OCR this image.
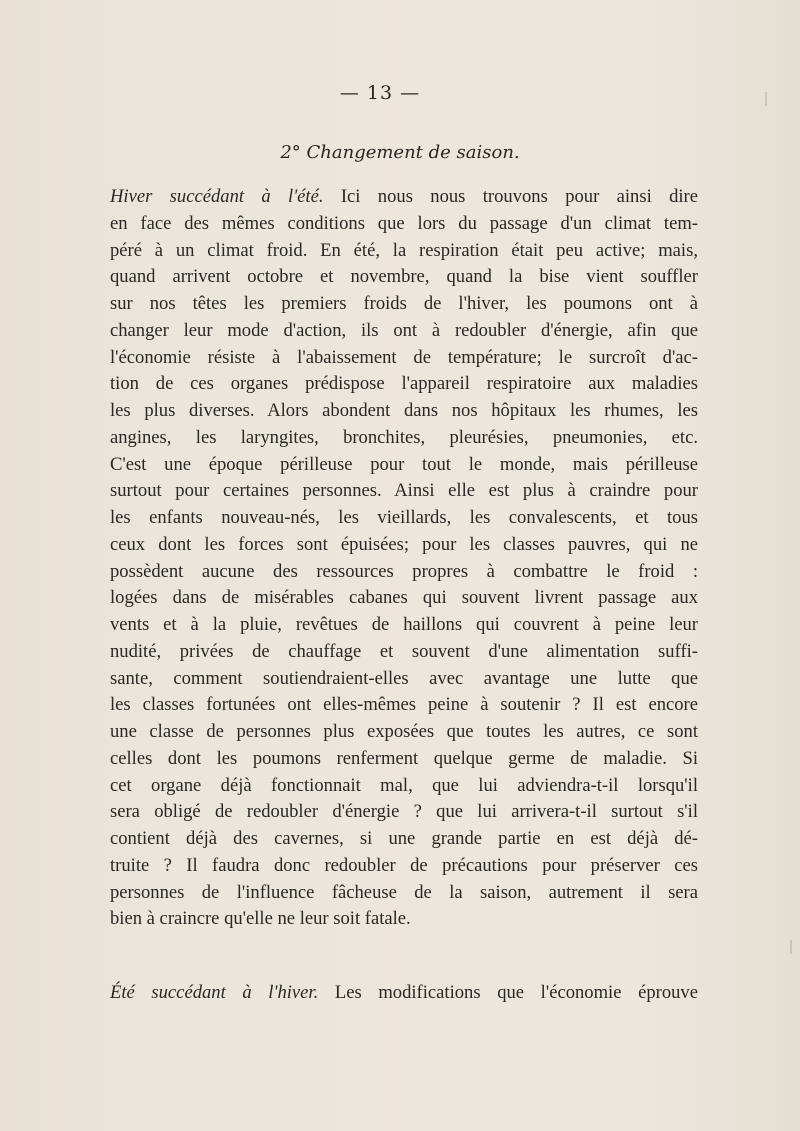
— 13 —
2° Changement de saison.
Hiver succédant à l'été. Ici nous nous trouvons pour ainsi dire
en face des mêmes conditions que lors du passage d'un climat tem-
péré à un climat froid. En été, la respiration était peu active; mais,
quand arrivent octobre et novembre, quand la bise vient souffler
sur nos têtes les premiers froids de l'hiver, les poumons ont à
changer leur mode d'action, ils ont à redoubler d'énergie, afin que
l'économie résiste à l'abaissement de température; le surcroît d'ac-
tion de ces organes prédispose l'appareil respiratoire aux maladies
les plus diverses. Alors abondent dans nos hôpitaux les rhumes, les
angines, les laryngites, bronchites, pleurésies, pneumonies, etc.
C'est une époque périlleuse pour tout le monde, mais périlleuse
surtout pour certaines personnes. Ainsi elle est plus à craindre pour
les enfants nouveau-nés, les vieillards, les convalescents, et tous
ceux dont les forces sont épuisées; pour les classes pauvres, qui ne
possèdent aucune des ressources propres à combattre le froid :
logées dans de misérables cabanes qui souvent livrent passage aux
vents et à la pluie, revêtues de haillons qui couvrent à peine leur
nudité, privées de chauffage et souvent d'une alimentation suffi-
sante, comment soutiendraient-elles avec avantage une lutte que
les classes fortunées ont elles-mêmes peine à soutenir ? Il est encore
une classe de personnes plus exposées que toutes les autres, ce sont
celles dont les poumons renferment quelque germe de maladie. Si
cet organe déjà fonctionnait mal, que lui adviendra-t-il lorsqu'il
sera obligé de redoubler d'énergie ? que lui arrivera-t-il surtout s'il
contient déjà des cavernes, si une grande partie en est déjà dé-
truite ? Il faudra donc redoubler de précautions pour préserver ces
personnes de l'influence fâcheuse de la saison, autrement il sera
bien à craincre qu'elle ne leur soit fatale.
Été succédant à l'hiver. Les modifications que l'économie éprouve
